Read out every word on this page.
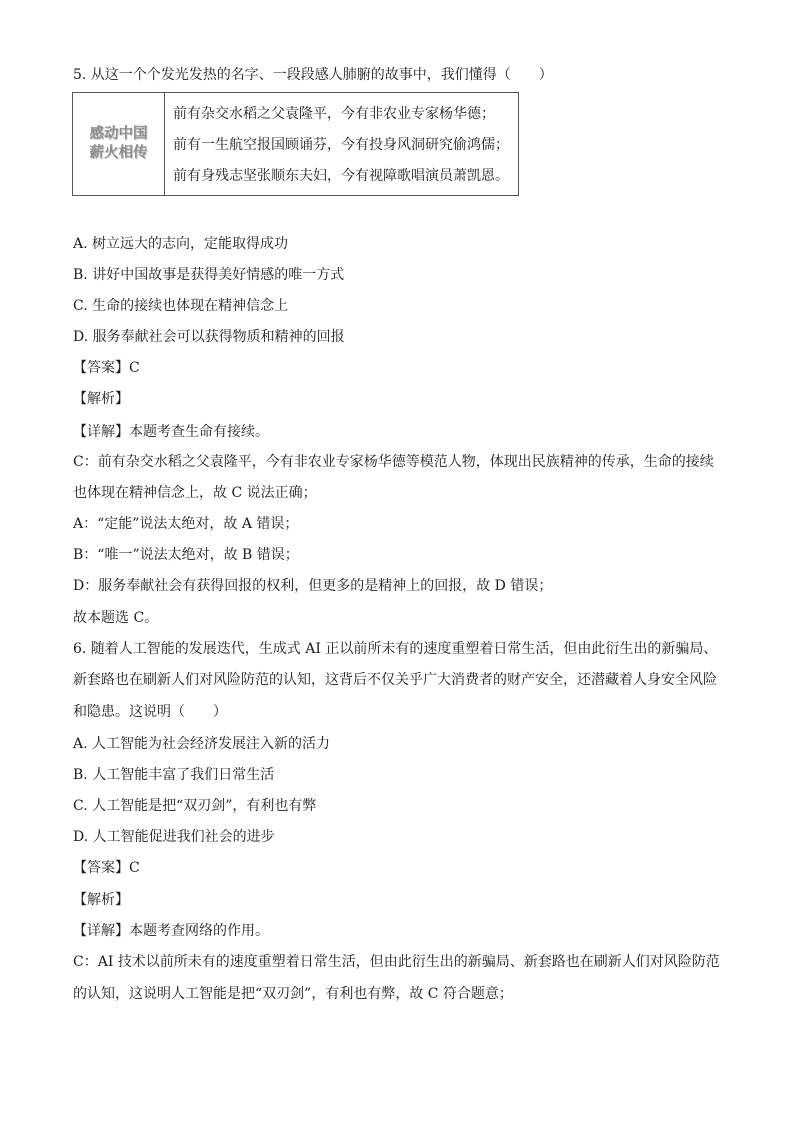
5. 从这一个个发光发热的名字、一段段感人肺腑的故事中，我们懂得（　　）
感动中国
薪火相传
前有杂交水稻之父袁隆平，今有非农业专家杨华德；
前有一生航空报国顾诵芬，今有投身风洞研究偷鸿儒；
前有身残志坚张顺东夫妇，今有视障歌唱演员萧凯恩。
A. 树立远大的志向，定能取得成功
B. 讲好中国故事是获得美好情感的唯一方式
C. 生命的接续也体现在精神信念上
D. 服务奉献社会可以获得物质和精神的回报
【答案】C
【解析】
【详解】本题考查生命有接续。
C：前有杂交水稻之父袁隆平，今有非农业专家杨华德等模范人物，体现出民族精神的传承，生命的接续
也体现在精神信念上，故 C 说法正确；
A：“定能”说法太绝对，故 A 错误；
B：“唯一”说法太绝对，故 B 错误；
D：服务奉献社会有获得回报的权利，但更多的是精神上的回报，故 D 错误；
故本题选 C。
6. 随着人工智能的发展迭代，生成式 AI 正以前所未有的速度重塑着日常生活，但由此衍生出的新骗局、
新套路也在刷新人们对风险防范的认知，这背后不仅关乎广大消费者的财产安全，还潜藏着人身安全风险
和隐患。这说明（　　）
A. 人工智能为社会经济发展注入新的活力
B. 人工智能丰富了我们日常生活
C. 人工智能是把“双刃剑”，有利也有弊
D. 人工智能促进我们社会的进步
【答案】C
【解析】
【详解】本题考查网络的作用。
C：AI 技术以前所未有的速度重塑着日常生活，但由此衍生出的新骗局、新套路也在刷新人们对风险防范
的认知，这说明人工智能是把“双刃剑”，有利也有弊，故 C 符合题意；
